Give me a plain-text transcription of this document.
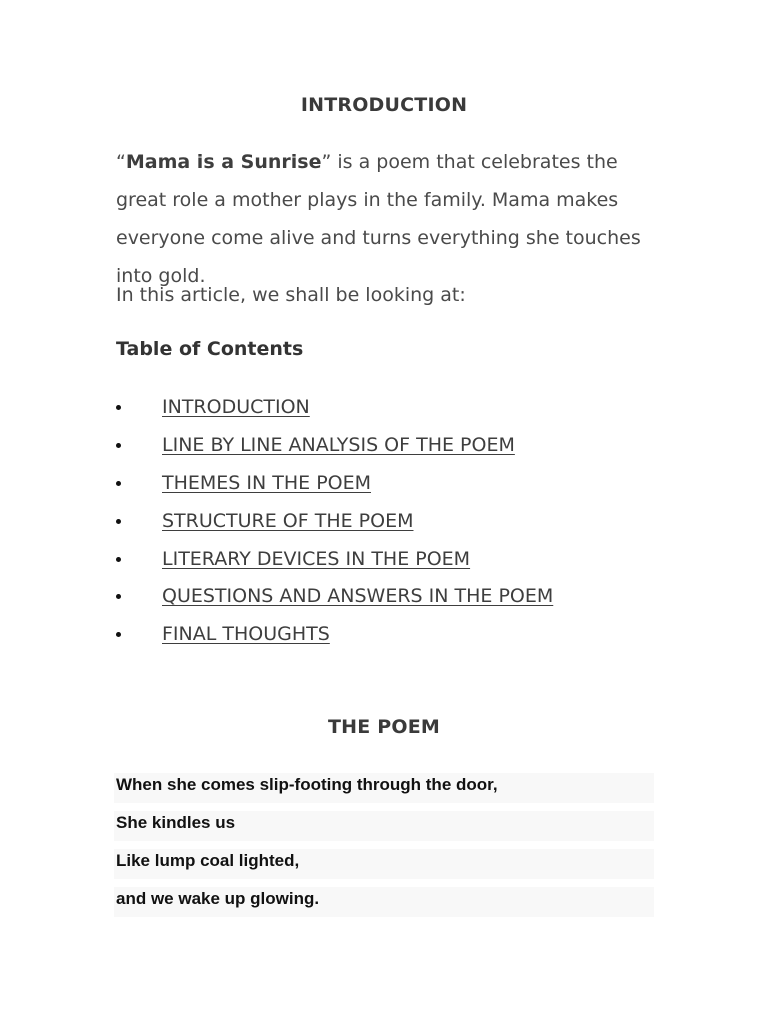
INTRODUCTION

“Mama is a Sunrise” is a poem that celebrates the great role a mother plays in the family. Mama makes everyone come alive and turns everything she touches into gold.

In this article, we shall be looking at:

Table of Contents
INTRODUCTION
LINE BY LINE ANALYSIS OF THE POEM
THEMES IN THE POEM
STRUCTURE OF THE POEM
LITERARY DEVICES IN THE POEM
QUESTIONS AND ANSWERS IN THE POEM
FINAL THOUGHTS
THE POEM
When she comes slip-footing through the door,
She kindles us
Like lump coal lighted,
and we wake up glowing.
